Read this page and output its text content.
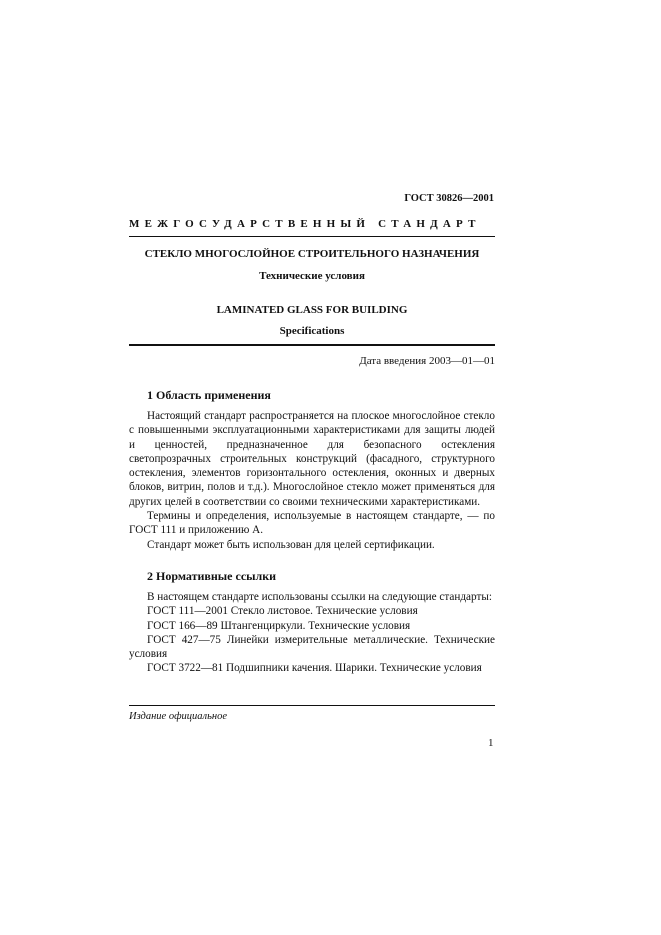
ГОСТ 30826—2001
МЕЖГОСУДАРСТВЕННЫЙ СТАНДАРТ
СТЕКЛО МНОГОСЛОЙНОЕ СТРОИТЕЛЬНОГО НАЗНАЧЕНИЯ
Технические условия
LAMINATED GLASS FOR BUILDING
Specifications
Дата введения 2003—01—01
1 Область применения

Настоящий стандарт распространяется на плоское многослойное стекло с повышенными эксплуатационными характеристиками для защиты людей и ценностей, предназначенное для безопасного остекления светопрозрачных строительных конструкций (фасадного, структурного остекления, элементов горизонтального остекления, оконных и дверных блоков, витрин, полов и т.д.). Многослойное стекло может применяться для других целей в соответствии со своими техническими характеристиками.

Термины и определения, используемые в настоящем стандарте, — по ГОСТ 111 и приложению А.

Стандарт может быть использован для целей сертификации.

2 Нормативные ссылки

В настоящем стандарте использованы ссылки на следующие стандарты:

ГОСТ 111—2001 Стекло листовое. Технические условия

ГОСТ 166—89 Штангенциркули. Технические условия

ГОСТ 427—75 Линейки измерительные металлические. Технические условия

ГОСТ 3722—81 Подшипники качения. Шарики. Технические условия

Издание официальное
1
